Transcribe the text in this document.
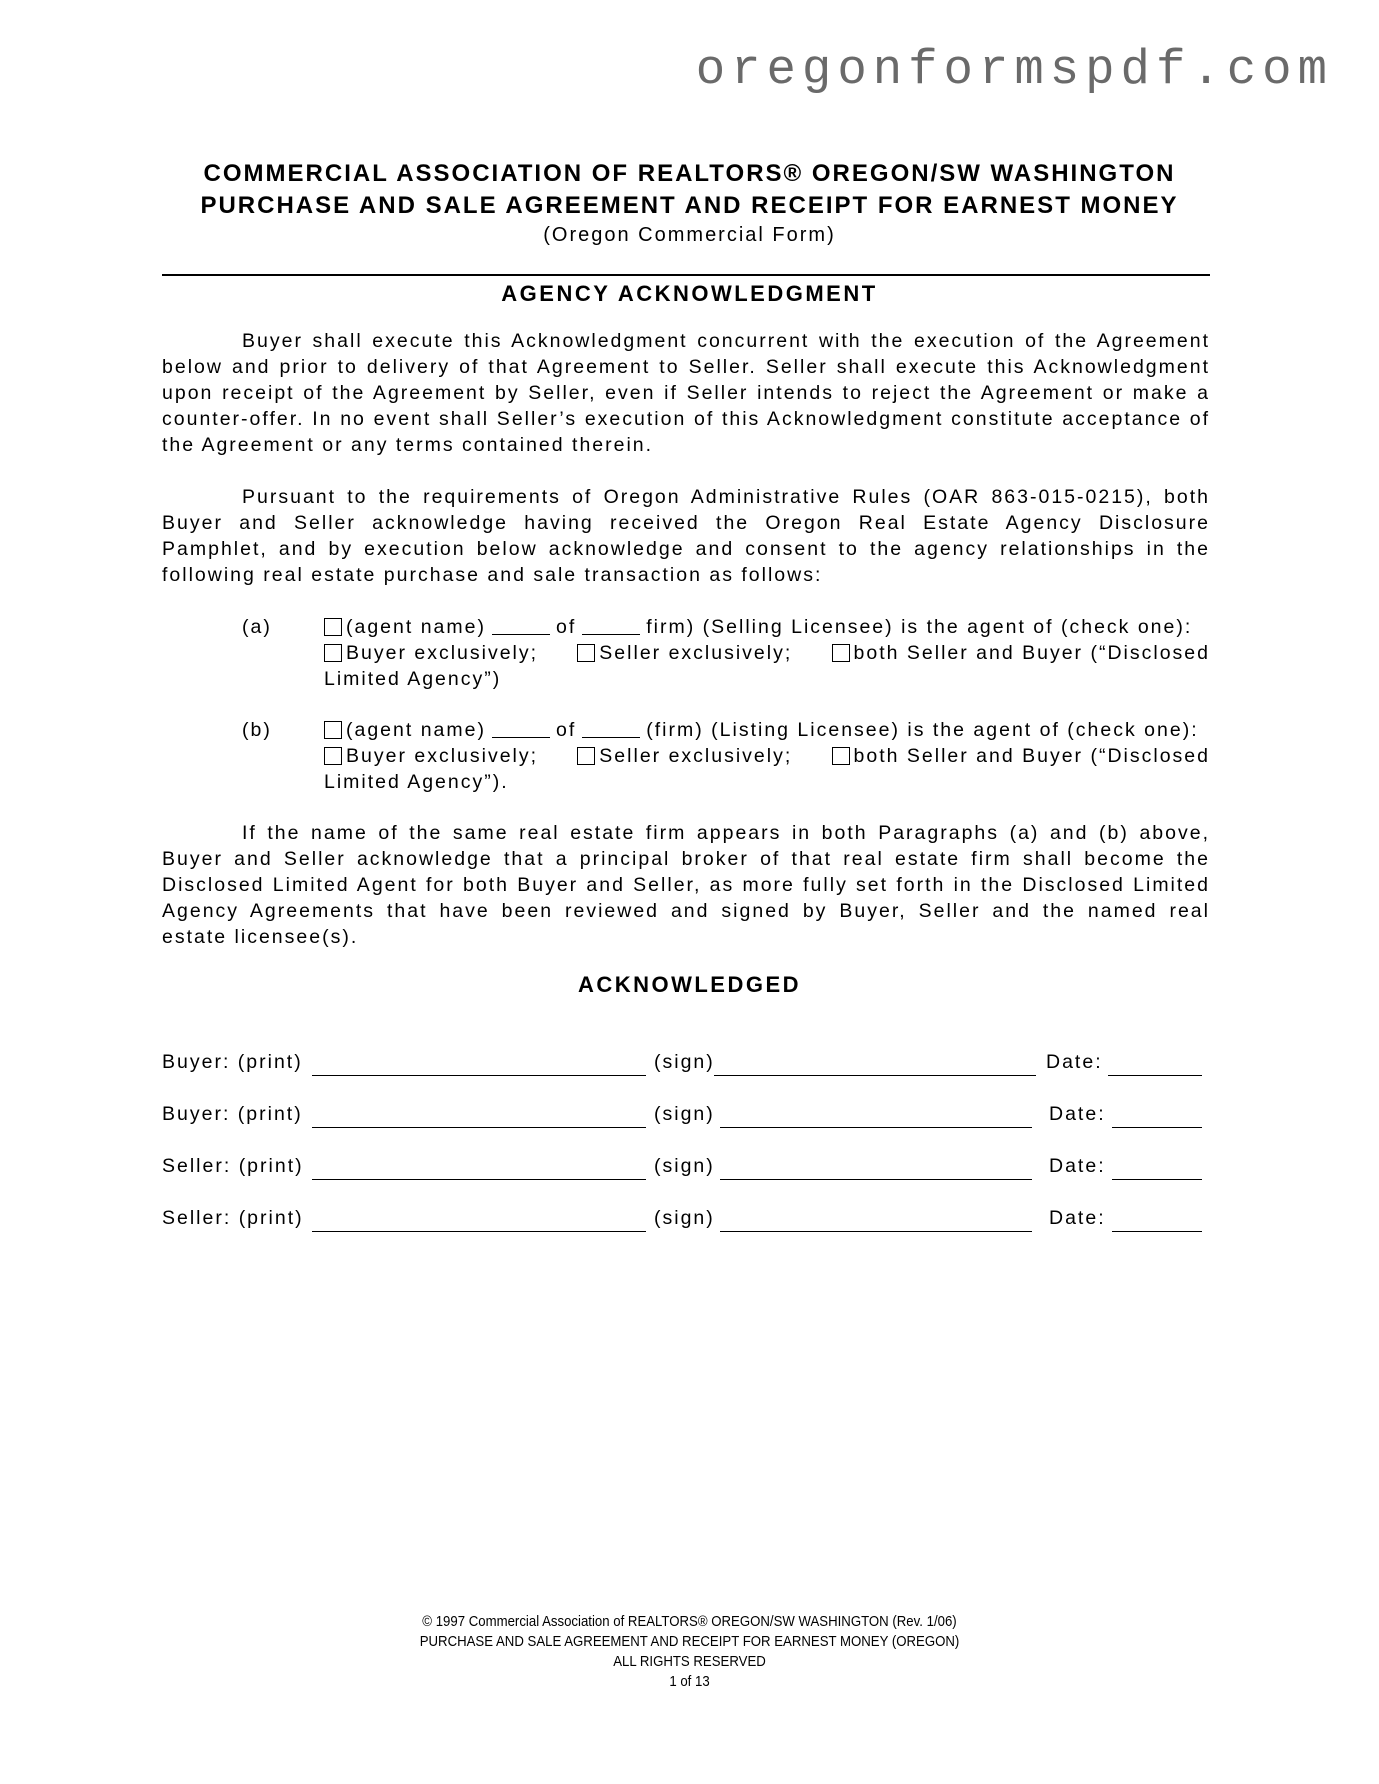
oregonformspdf.com
COMMERCIAL ASSOCIATION OF REALTORS® OREGON/SW WASHINGTON
PURCHASE AND SALE AGREEMENT AND RECEIPT FOR EARNEST MONEY
(Oregon Commercial Form)
AGENCY ACKNOWLEDGMENT
Buyer shall execute this Acknowledgment concurrent with the execution of the Agreement below and prior to delivery of that Agreement to Seller. Seller shall execute this Acknowledgment upon receipt of the Agreement by Seller, even if Seller intends to reject the Agreement or make a counter-offer. In no event shall Seller’s execution of this Acknowledgment constitute acceptance of the Agreement or any terms contained therein.
Pursuant to the requirements of Oregon Administrative Rules (OAR 863-015-0215), both Buyer and Seller acknowledge having received the Oregon Real Estate Agency Disclosure Pamphlet, and by execution below acknowledge and consent to the agency relationships in the following real estate purchase and sale transaction as follows:
(a)	(agent name)	of	firm) (Selling Licensee) is the agent of (check one):
Buyer exclusively;	Seller exclusively;	both Seller and Buyer (“Disclosed
Limited Agency”)
(b)	(agent name)	of	(firm) (Listing Licensee) is the agent of (check one):
Buyer exclusively;	Seller exclusively;	both Seller and Buyer (“Disclosed
Limited Agency”).
If the name of the same real estate firm appears in both Paragraphs (a) and (b) above, Buyer and Seller acknowledge that a principal broker of that real estate firm shall become the Disclosed Limited Agent for both Buyer and Seller, as more fully set forth in the Disclosed Limited Agency Agreements that have been reviewed and signed by Buyer, Seller and the named real estate licensee(s).
ACKNOWLEDGED
Buyer: (print)	(sign)	Date:
Buyer: (print)	(sign)	Date:
Seller: (print)	(sign)	Date:
Seller: (print)	(sign)	Date:
© 1997 Commercial Association of REALTORS® OREGON/SW WASHINGTON (Rev. 1/06)
PURCHASE AND SALE AGREEMENT AND RECEIPT FOR EARNEST MONEY (OREGON)
ALL RIGHTS RESERVED
1 of 13
